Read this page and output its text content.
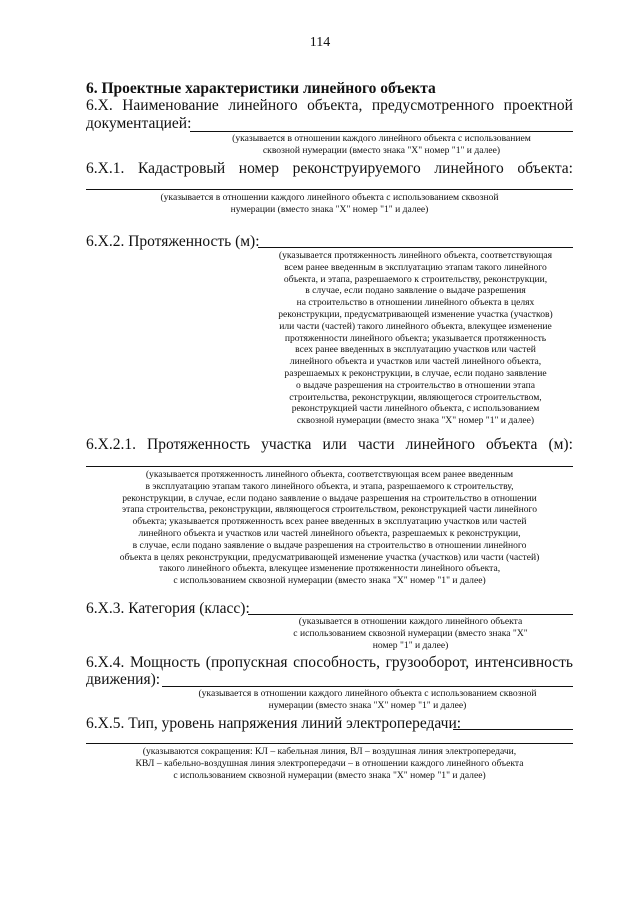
114
6. Проектные характеристики линейного объекта
6.X. Наименование линейного объекта, предусмотренного проектной
документацией:
(указывается в отношении каждого линейного объекта с использованием
сквозной нумерации (вместо знака "X" номер "1" и далее)
6.X.1. Кадастровый номер реконструируемого линейного объекта:
(указывается в отношении каждого линейного объекта с использованием сквозной
нумерации (вместо знака "X" номер "1" и далее)
6.X.2. Протяженность (м):
(указывается протяженность линейного объекта, соответствующая
всем ранее введенным в эксплуатацию этапам такого линейного
объекта, и этапа, разрешаемого к строительству, реконструкции,
в случае, если подано заявление о выдаче разрешения
на строительство в отношении линейного объекта в целях
реконструкции, предусматривающей изменение участка (участков)
или части (частей) такого линейного объекта, влекущее изменение
протяженности линейного объекта; указывается протяженность
всех ранее введенных в эксплуатацию участков или частей
линейного объекта и участков или частей линейного объекта,
разрешаемых к реконструкции, в случае, если подано заявление
о выдаче разрешения на строительство в отношении этапа
строительства, реконструкции, являющегося строительством,
реконструкцией части линейного объекта, с использованием
сквозной нумерации (вместо знака "X" номер "1" и далее)
6.X.2.1. Протяженность участка или части линейного объекта (м):
(указывается протяженность линейного объекта, соответствующая всем ранее введенным
в эксплуатацию этапам такого линейного объекта, и этапа, разрешаемого к строительству,
реконструкции, в случае, если подано заявление о выдаче разрешения на строительство в отношении
этапа строительства, реконструкции, являющегося строительством, реконструкцией части линейного
объекта; указывается протяженность всех ранее введенных в эксплуатацию участков или частей
линейного объекта и участков или частей линейного объекта, разрешаемых к реконструкции,
в случае, если подано заявление о выдаче разрешения на строительство в отношении линейного
объекта в целях реконструкции, предусматривающей изменение участка (участков) или части (частей)
такого линейного объекта, влекущее изменение протяженности линейного объекта,
с использованием сквозной нумерации (вместо знака "X" номер "1" и далее)
6.X.3. Категория (класс):
(указывается в отношении каждого линейного объекта
с использованием сквозной нумерации (вместо знака "X"
номер "1" и далее)
6.X.4. Мощность (пропускная способность, грузооборот, интенсивность
движения):
(указывается в отношении каждого линейного объекта с использованием сквозной
нумерации (вместо знака "X" номер "1" и далее)
6.X.5. Тип, уровень напряжения линий электропередачи:
(указываются сокращения: КЛ – кабельная линия, ВЛ – воздушная линия электропередачи,
КВЛ – кабельно-воздушная линия электропередачи – в отношении каждого линейного объекта
с использованием сквозной нумерации (вместо знака "X" номер "1" и далее)
